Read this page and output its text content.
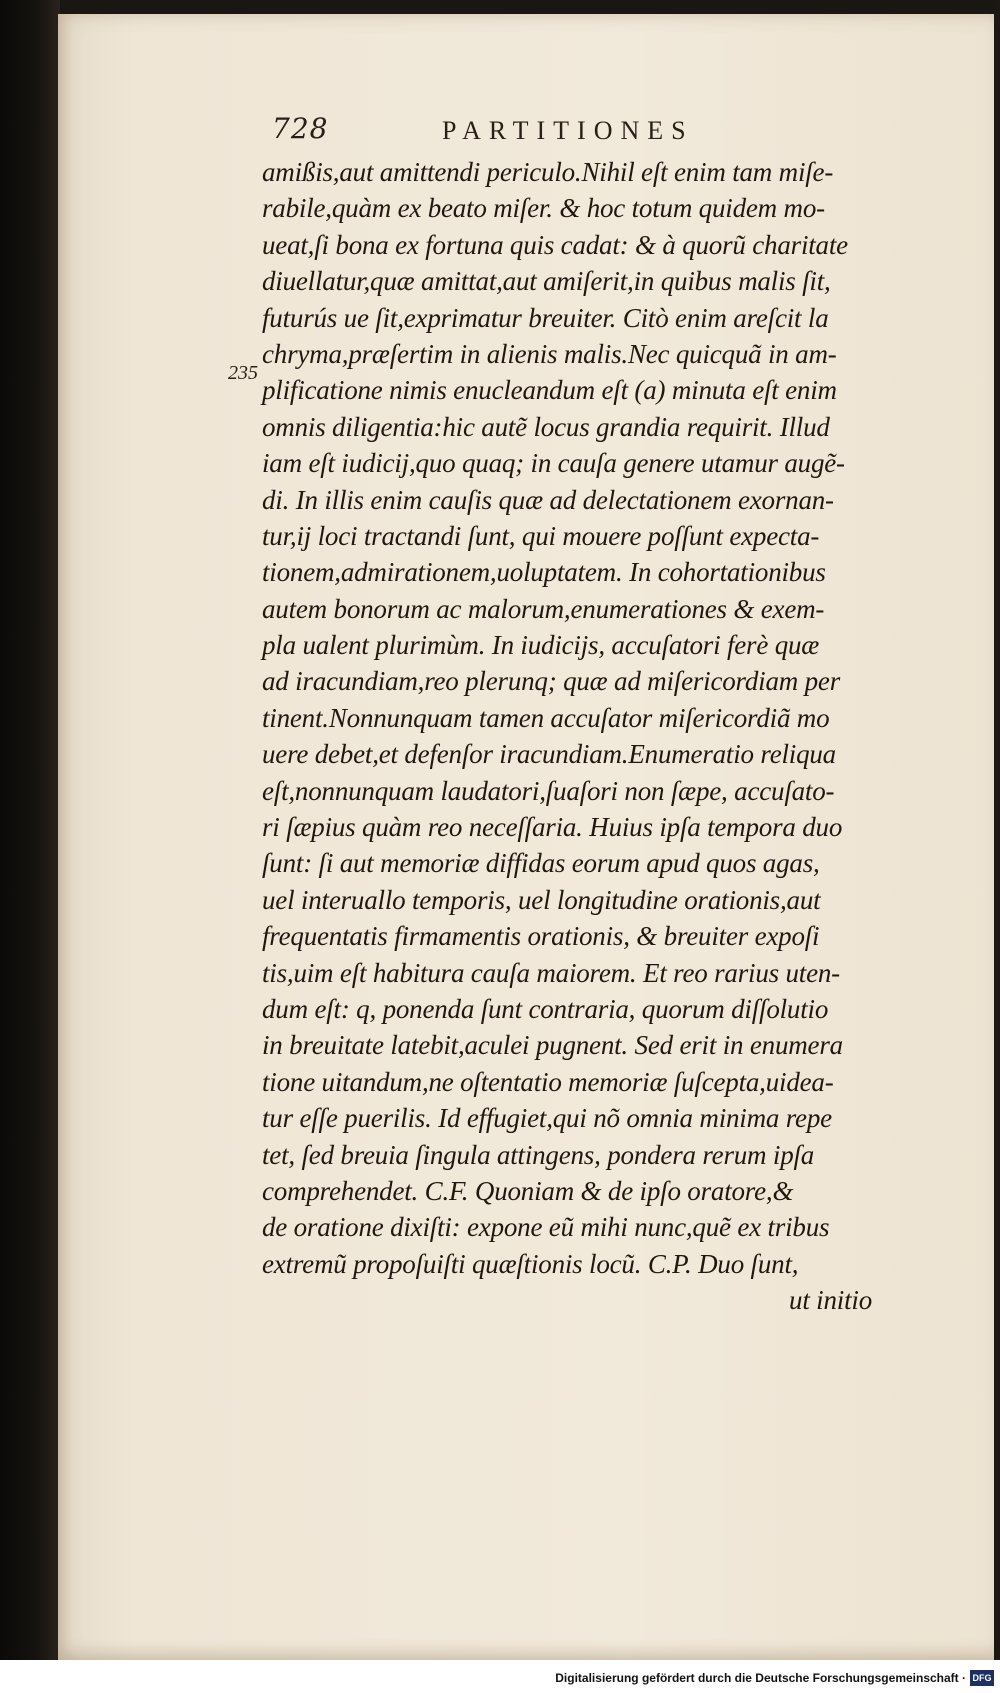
728	PARTITIONES
235
amißis,aut amittendi periculo.Nihil eſt enim tam miſe-
rabile,quàm ex beato miſer. & hoc totum quidem mo-
ueat,ſi bona ex fortuna quis cadat: & à quorũ charitate
diuellatur,quæ amittat,aut amiſerit,in quibus malis ſit,
futurús ue ſit,exprimatur breuiter. Citò enim areſcit la
chryma,præſertim in alienis malis.Nec quicquã in am-
plificatione nimis enucleandum eſt (a) minuta eſt enim
omnis diligentia:hic autẽ locus grandia requirit. Illud
iam eſt iudicij,quo quaq; in cauſa genere utamur augẽ-
di. In illis enim cauſis quæ ad delectationem exornan-
tur,ij loci tractandi ſunt, qui mouere poſſunt expecta-
tionem,admirationem,uoluptatem. In cohortationibus
autem bonorum ac malorum,enumerationes & exem-
pla ualent plurimùm. In iudicijs, accuſatori ferè quæ
ad iracundiam,reo plerunq; quæ ad miſericordiam per
tinent.Nonnunquam tamen accuſator miſericordiã mo
uere debet,et defenſor iracundiam.Enumeratio reliqua
eſt,nonnunquam laudatori,ſuaſori non ſæpe, accuſato-
ri ſæpius quàm reo neceſſaria. Huius ipſa tempora duo
ſunt: ſi aut memoriæ diffidas eorum apud quos agas,
uel interuallo temporis, uel longitudine orationis,aut
frequentatis firmamentis orationis, & breuiter expoſi
tis,uim eſt habitura cauſa maiorem. Et reo rarius uten-
dum eſt: q, ponenda ſunt contraria, quorum diſſolutio
in breuitate latebit,aculei pugnent. Sed erit in enumera
tione uitandum,ne oſtentatio memoriæ ſuſcepta,uidea-
tur eſſe puerilis. Id effugiet,qui nõ omnia minima repe
tet, ſed breuia ſingula attingens, pondera rerum ipſa
comprehendet. C.F. Quoniam & de ipſo oratore,&
de oratione dixiſti: expone eũ mihi nunc,quẽ ex tribus
extremũ propoſuiſti quæſtionis locũ. C.P. Duo ſunt,
ut initio
Digitalisierung gefördert durch die Deutsche Forschungsgemeinschaft · DFG
